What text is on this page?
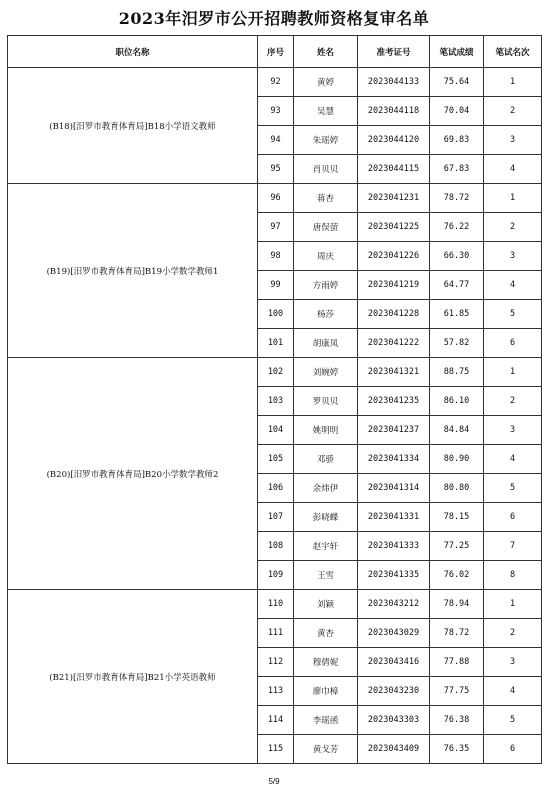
2023年汨罗市公开招聘教师资格复审名单
职位名称	序号	姓名	准考证号	笔试成绩	笔试名次
(B18)[汨罗市教育体育局]B18小学语文教师	92	黄婷	2023044133	75.64	1
	93	吴慧	2023044118	70.04	2
	94	朱瑶婷	2023044120	69.83	3
	95	肖贝贝	2023044115	67.83	4
(B19)[汨罗市教育体育局]B19小学数学教师1	96	蒋杏	2023041231	78.72	1
	97	唐俣萤	2023041225	76.22	2
	98	周庆	2023041226	66.30	3
	99	方雨婷	2023041219	64.77	4
	100	杨莎	2023041228	61.85	5
	101	胡康凤	2023041222	57.82	6
(B20)[汨罗市教育体育局]B20小学数学教师2	102	刘婉婷	2023041321	88.75	1
	103	罗贝贝	2023041235	86.10	2
	104	姚明明	2023041237	84.84	3
	105	邓骄	2023041334	80.90	4
	106	余炜伊	2023041314	80.80	5
	107	彭晓蝶	2023041331	78.15	6
	108	赵宇轩	2023041333	77.25	7
	109	王雪	2023041335	76.02	8
(B21)[汨罗市教育体育局]B21小学英语教师	110	刘颖	2023043212	78.94	1
	111	黄杏	2023043029	78.72	2
	112	穆倩妮	2023043416	77.88	3
	113	廖巾樟	2023043230	77.75	4
	114	李瑶函	2023043303	76.38	5
	115	黄戈芳	2023043409	76.35	6
5/9
